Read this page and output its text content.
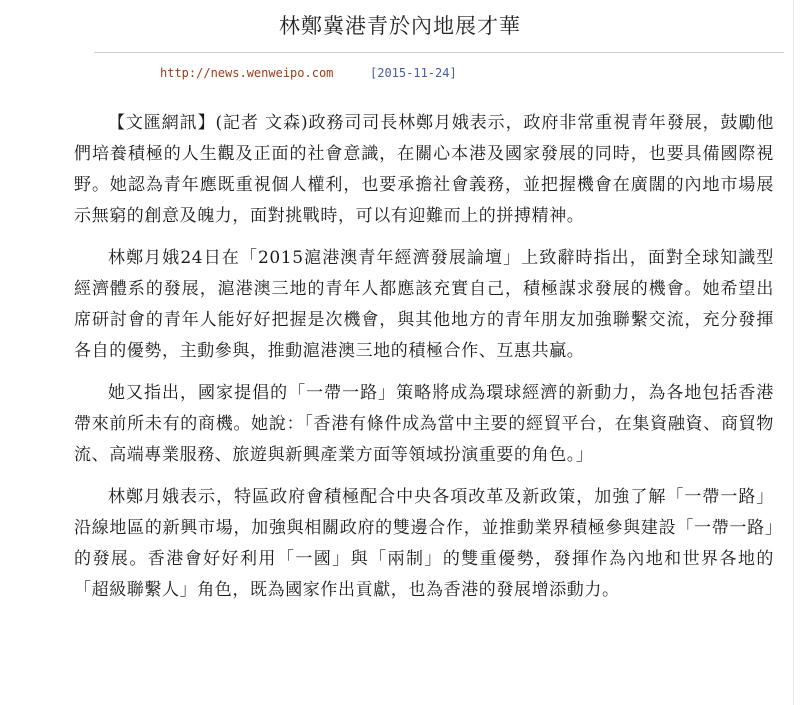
林鄭冀港青於內地展才華
http://news.wenweipo.com	[2015-11-24]

【文匯網訊】(記者 文森)政務司司長林鄭月娥表示，政府非常重視青年發展，鼓勵他們培養積極的人生觀及正面的社會意識，在關心本港及國家發展的同時，也要具備國際視野。她認為青年應既重視個人權利，也要承擔社會義務，並把握機會在廣闊的內地市場展示無窮的創意及魄力，面對挑戰時，可以有迎難而上的拼搏精神。

林鄭月娥24日在「2015滬港澳青年經濟發展論壇」上致辭時指出，面對全球知識型經濟體系的發展，滬港澳三地的青年人都應該充實自己，積極謀求發展的機會。她希望出席研討會的青年人能好好把握是次機會，與其他地方的青年朋友加強聯繫交流，充分發揮各自的優勢，主動參與，推動滬港澳三地的積極合作、互惠共贏。

她又指出，國家提倡的「一帶一路」策略將成為環球經濟的新動力，為各地包括香港帶來前所未有的商機。她說：「香港有條件成為當中主要的經貿平台，在集資融資、商貿物流、高端專業服務、旅遊與新興產業方面等領域扮演重要的角色。」

林鄭月娥表示，特區政府會積極配合中央各項改革及新政策，加強了解「一帶一路」沿線地區的新興市場，加強與相關政府的雙邊合作，並推動業界積極參與建設「一帶一路」的發展。香港會好好利用「一國」與「兩制」的雙重優勢，發揮作為內地和世界各地的「超級聯繫人」角色，既為國家作出貢獻，也為香港的發展增添動力。
